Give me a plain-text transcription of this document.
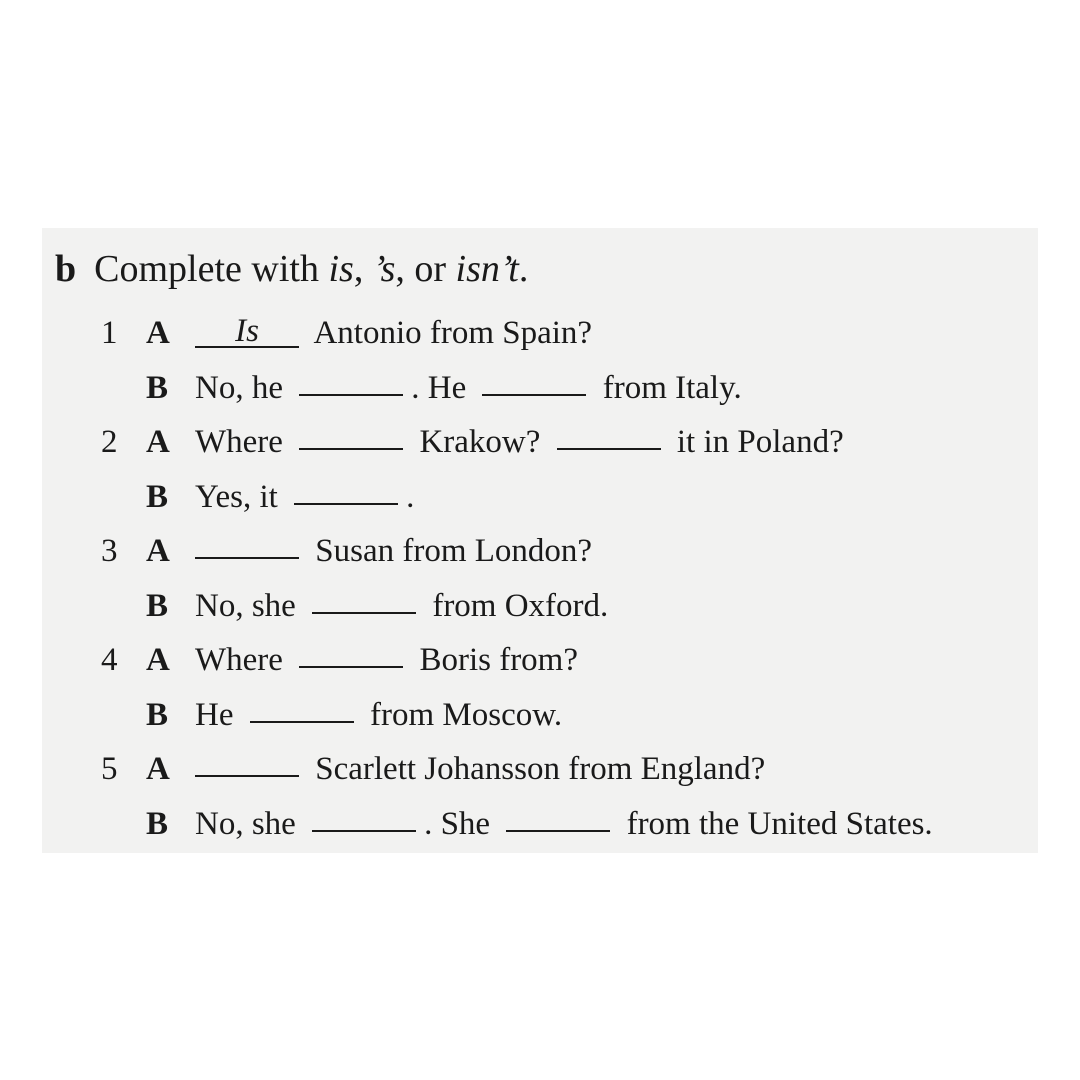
b Complete with is, ’s, or isn’t.
1 A	Is Antonio from Spain?
B No, he	. He	from Italy.
2 A Where	Krakow?	it in Poland?
B Yes, it	.
3 A	Susan from London?
B No, she	from Oxford.
4 A Where	Boris from?
B He	from Moscow.
5 A	Scarlett Johansson from England?
B No, she	. She	from the United States.
